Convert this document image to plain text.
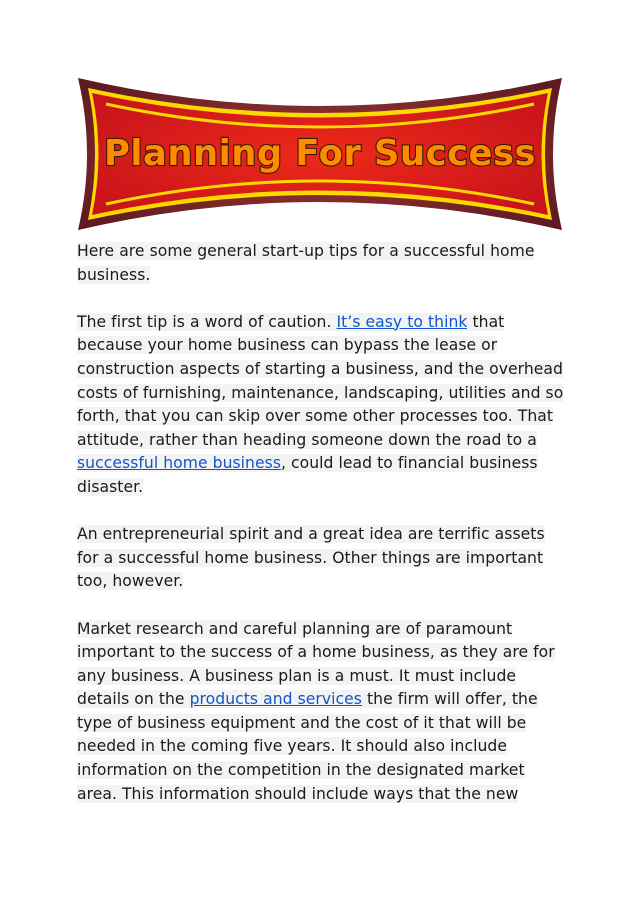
Planning For Success

Here are some general start-up tips for a successful home business.

The first tip is a word of caution. It’s easy to think that because your home business can bypass the lease or construction aspects of starting a business, and the overhead costs of furnishing, maintenance, landscaping, utilities and so forth, that you can skip over some other processes too. That attitude, rather than heading someone down the road to a successful home business, could lead to financial business disaster.

An entrepreneurial spirit and a great idea are terrific assets for a successful home business. Other things are important too, however.

Market research and careful planning are of paramount important to the success of a home business, as they are for any business. A business plan is a must. It must include details on the products and services the firm will offer, the type of business equipment and the cost of it that will be needed in the coming five years. It should also include information on the competition in the designated market area. This information should include ways that the new
